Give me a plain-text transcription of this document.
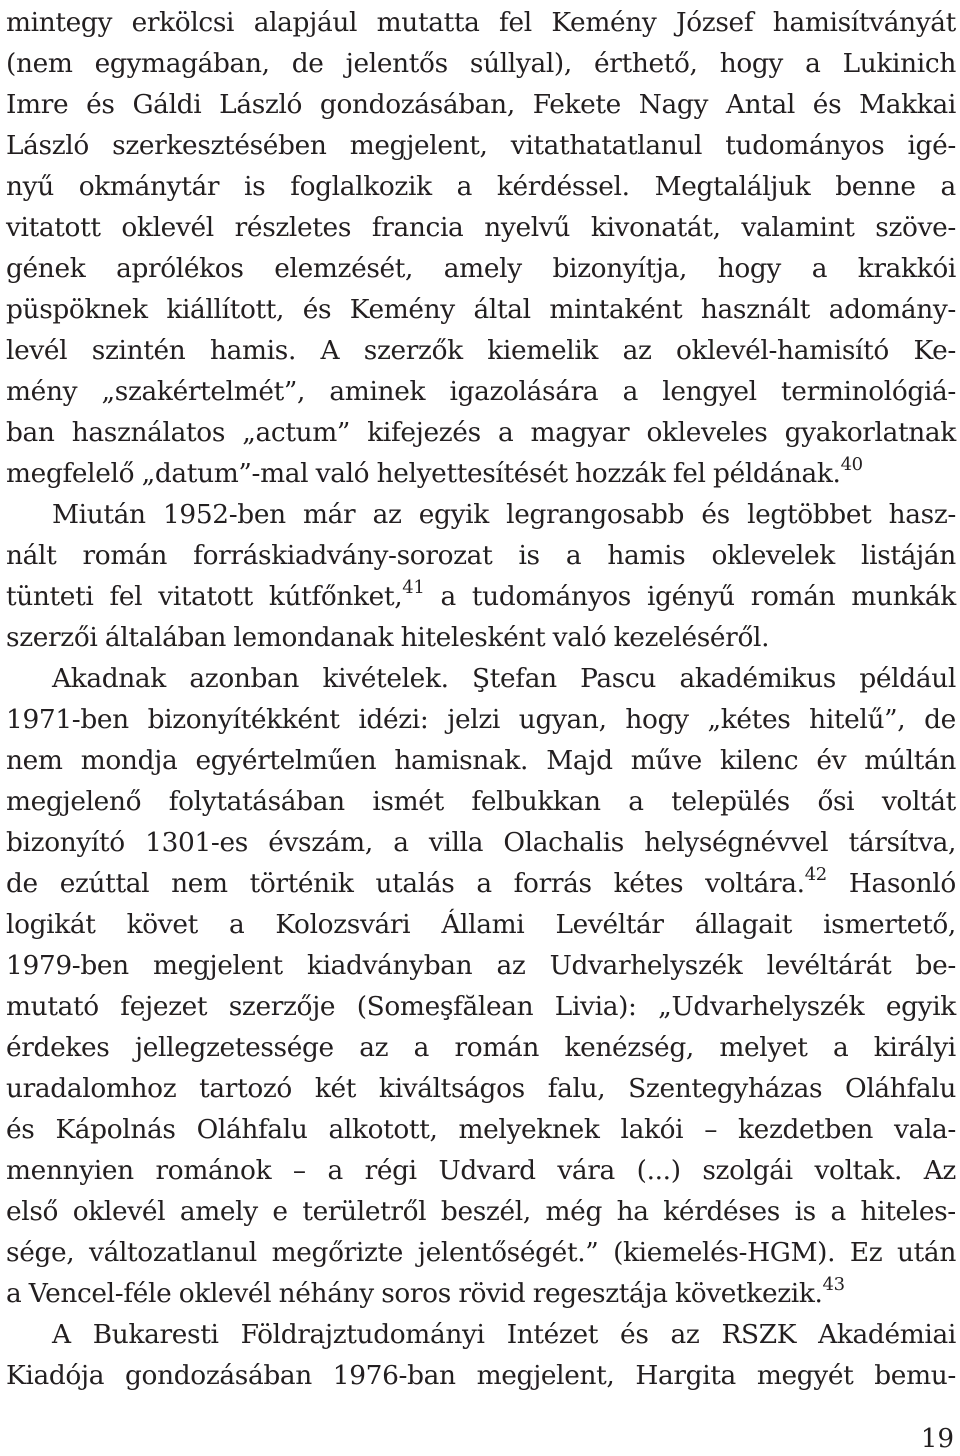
mintegy erkölcsi alapjául mutatta fel Kemény József hamisítványát
(nem egymagában, de jelentős súllyal), érthető, hogy a Lukinich
Imre és Gáldi László gondozásában, Fekete Nagy Antal és Makkai
László szerkesztésében megjelent, vitathatatlanul tudományos igé-
nyű okmánytár is foglalkozik a kérdéssel. Megtaláljuk benne a
vitatott oklevél részletes francia nyelvű kivonatát, valamint szöve-
gének aprólékos elemzését, amely bizonyítja, hogy a krakkói
püspöknek kiállított, és Kemény által mintaként használt adomány-
levél szintén hamis. A szerzők kiemelik az oklevél-hamisító Ke-
mény „szakértelmét”, aminek igazolására a lengyel terminológiá-
ban használatos „actum” kifejezés a magyar okleveles gyakorlatnak
megfelelő „datum”-mal való helyettesítését hozzák fel példának.$^{40}$
Miután 1952-ben már az egyik legrangosabb és legtöbbet hasz-
nált román forráskiadvány-sorozat is a hamis oklevelek listáján
tünteti fel vitatott kútfőnket,$^{41}$ a tudományos igényű román munkák
szerzői általában lemondanak hitelesként való kezeléséről.
Akadnak azonban kivételek. Ştefan Pascu akadémikus például
1971-ben bizonyítékként idézi: jelzi ugyan, hogy „kétes hitelű”, de
nem mondja egyértelműen hamisnak. Majd műve kilenc év múltán
megjelenő folytatásában ismét felbukkan a település ősi voltát
bizonyító 1301-es évszám, a villa Olachalis helységnévvel társítva,
de ezúttal nem történik utalás a forrás kétes voltára.$^{42}$ Hasonló
logikát követ a Kolozsvári Állami Levéltár állagait ismertető,
1979-ben megjelent kiadványban az Udvarhelyszék levéltárát be-
mutató fejezet szerzője (Someşfălean Livia): „Udvarhelyszék egyik
érdekes jellegzetessége az a román kenézség, melyet a királyi
uradalomhoz tartozó két kiváltságos falu, Szentegyházas Oláhfalu
és Kápolnás Oláhfalu alkotott, melyeknek lakói – kezdetben vala-
mennyien románok – a régi Udvard vára (...) szolgái voltak. Az
első oklevél amely e területről beszél, még ha kérdéses is a hiteles-
sége, változatlanul megőrizte jelentőségét.” (kiemelés-HGM). Ez után
a Vencel-féle oklevél néhány soros rövid regesztája következik.$^{43}$
A Bukaresti Földrajztudományi Intézet és az RSZK Akadémiai
Kiadója gondozásában 1976-ban megjelent, Hargita megyét bemu-
19
